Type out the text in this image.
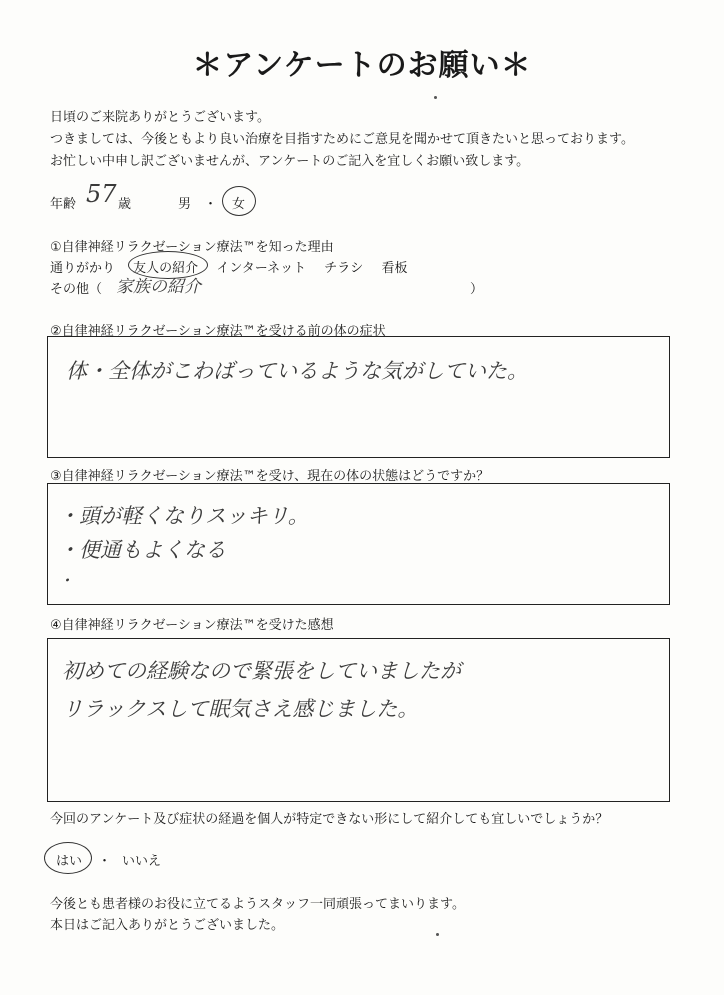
＊アンケートのお願い＊
日頃のご来院ありがとうございます。
つきましては、今後ともより良い治療を目指すためにご意見を聞かせて頂きたいと思っております。
お忙しい中申し訳ございませんが、アンケートのご記入を宜しくお願い致します。
年齢 57 歳	男 ・ 女
①自律神経リラクゼーション療法™を知った理由
通りがかり 友人の紹介 インターネット チラシ 看板
その他（ 家族の紹介	）
②自律神経リラクゼーション療法™を受ける前の体の症状
体・全体がこわばっているような気がしていた。
③自律神経リラクゼーション療法™を受け、現在の体の状態はどうですか？
・頭が軽くなりスッキリ。
・便通もよくなる
・
④自律神経リラクゼーション療法™を受けた感想
初めての経験なので緊張をしていましたが
リラックスして眠気さえ感じました。
今回のアンケート及び症状の経過を個人が特定できない形にして紹介しても宜しいでしょうか？
はい ・ いいえ
今後とも患者様のお役に立てるようスタッフ一同頑張ってまいります。
本日はご記入ありがとうございました。
